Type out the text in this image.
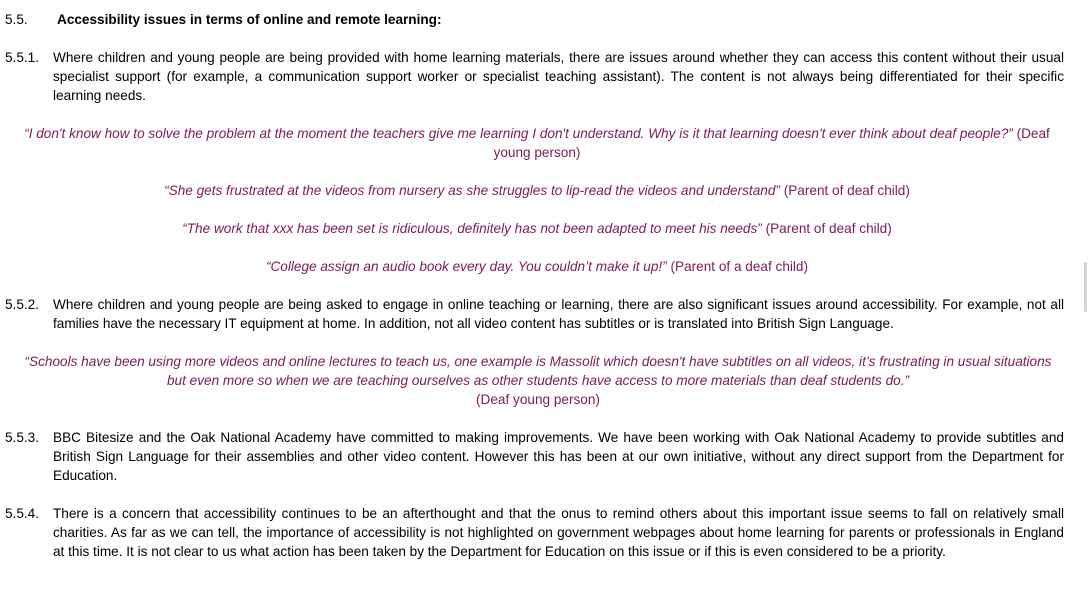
5.5. Accessibility issues in terms of online and remote learning:
5.5.1. Where children and young people are being provided with home learning materials, there are issues around whether they can access this content without their usual specialist support (for example, a communication support worker or specialist teaching assistant). The content is not always being differentiated for their specific learning needs.
“I don't know how to solve the problem at the moment the teachers give me learning I don't understand. Why is it that learning doesn't ever think about deaf people?” (Deaf young person)
“She gets frustrated at the videos from nursery as she struggles to lip-read the videos and understand” (Parent of deaf child)
“The work that xxx has been set is ridiculous, definitely has not been adapted to meet his needs” (Parent of deaf child)
“College assign an audio book every day. You couldn’t make it up!” (Parent of a deaf child)
5.5.2. Where children and young people are being asked to engage in online teaching or learning, there are also significant issues around accessibility. For example, not all families have the necessary IT equipment at home. In addition, not all video content has subtitles or is translated into British Sign Language.
“Schools have been using more videos and online lectures to teach us, one example is Massolit which doesn't have subtitles on all videos, it’s frustrating in usual situations but even more so when we are teaching ourselves as other students have access to more materials than deaf students do.”
(Deaf young person)
5.5.3. BBC Bitesize and the Oak National Academy have committed to making improvements. We have been working with Oak National Academy to provide subtitles and British Sign Language for their assemblies and other video content. However this has been at our own initiative, without any direct support from the Department for Education.
5.5.4. There is a concern that accessibility continues to be an afterthought and that the onus to remind others about this important issue seems to fall on relatively small charities. As far as we can tell, the importance of accessibility is not highlighted on government webpages about home learning for parents or professionals in England at this time. It is not clear to us what action has been taken by the Department for Education on this issue or if this is even considered to be a priority.
